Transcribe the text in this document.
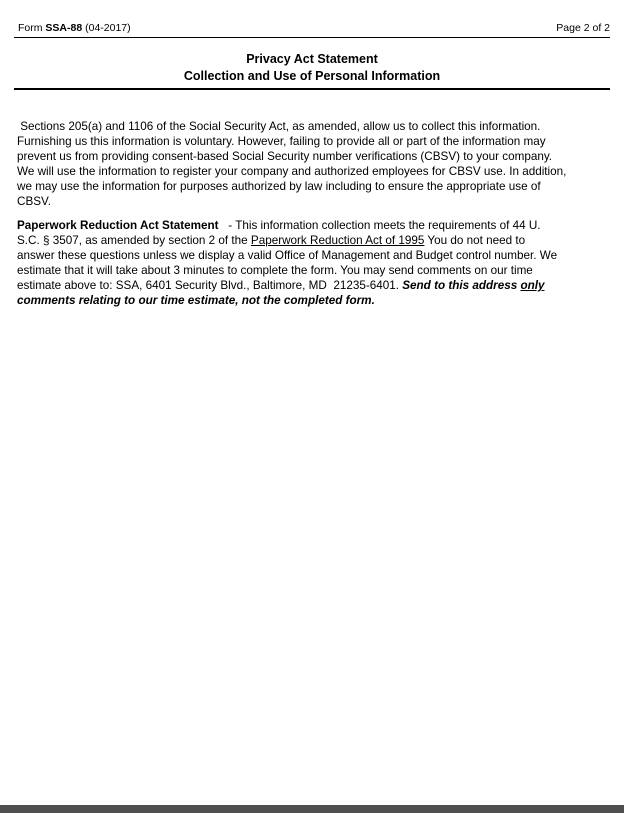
Form SSA-88 (04-2017)	Page 2 of 2
Privacy Act Statement
Collection and Use of Personal Information
Sections 205(a) and 1106 of the Social Security Act, as amended, allow us to collect this information.
Furnishing us this information is voluntary. However, failing to provide all or part of the information may
prevent us from providing consent-based Social Security number verifications (CBSV) to your company.
We will use the information to register your company and authorized employees for CBSV use. In addition,
we may use the information for purposes authorized by law including to ensure the appropriate use of
CBSV.
Paperwork Reduction Act Statement   - This information collection meets the requirements of 44 U.
S.C. § 3507, as amended by section 2 of the Paperwork Reduction Act of 1995 You do not need to
answer these questions unless we display a valid Office of Management and Budget control number. We
estimate that it will take about 3 minutes to complete the form. You may send comments on our time
estimate above to: SSA, 6401 Security Blvd., Baltimore, MD  21235-6401. Send to this address only
comments relating to our time estimate, not the completed form.
